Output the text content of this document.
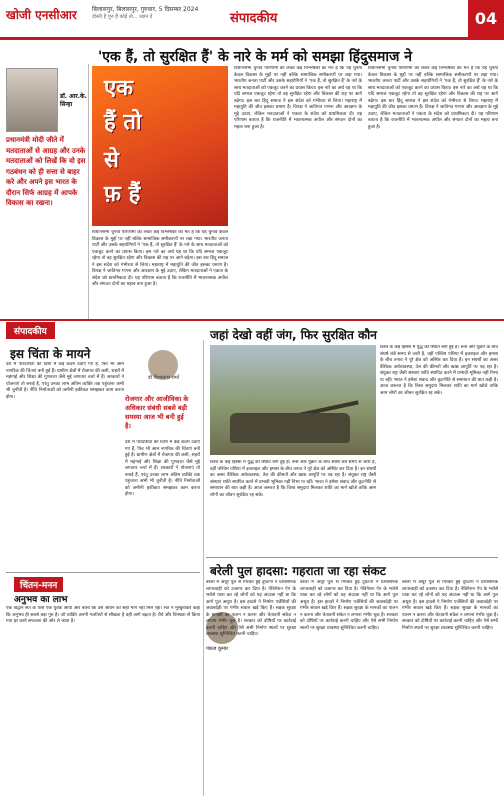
खोजी एनसीआर	बिलासपुर, बिलासपुर, गुरुवार, 5 दिसम्बर 2024
दोस्ती है गुरु हैं कोई तो... ध्यान दे	संपादकीय	04
'एक हैं, तो सुरक्षित हैं' के नारे के मर्म को समझा हिंदुसमाज ने
डॉ. आर.के. सिन्हा
प्रधानमंत्री मोदी जीते में मतदाताओं से आग्रह और उनके मतदाताओं को लिखें कि वो इस गठबंधन को ही सत्ता से बाहर करे और अपने इस भारत के दौरान सिर्फ आग्रह में आपके विकास का रखना।
एक
हैं तो
से
फ़ हैं
विधानसभा चुनाव परिणामों को लेकर कई विश्लेषकों का मत है कि यह चुनाव केवल विकास के मुद्दों पर नहीं बल्कि सामाजिक समीकरणों पर लड़ा गया। भारतीय जनता पार्टी और उसके सहयोगियों ने 'एक हैं, तो सुरक्षित हैं' के नारे के साथ मतदाताओं को एकजुट करने का प्रयास किया। इस नारे का अर्थ यह था कि यदि समाज एकजुट रहेगा तो वह सुरक्षित रहेगा और विकास की राह पर आगे बढ़ेगा। इस बार हिंदू समाज ने इस संदेश को गंभीरता से लिया। महाराष्ट्र में महायुति की जीत इसका प्रमाण है। विपक्ष ने जातिगत गणना और आरक्षण के मुद्दे उठाए, लेकिन मतदाताओं ने एकता के संदेश को प्राथमिकता दी। यह परिणाम बताता है कि राजनीति में भावनात्मक अपील और संगठन दोनों का महत्व बना हुआ है।
विधानसभा चुनाव परिणामों को लेकर कई विश्लेषकों का मत है कि यह चुनाव केवल विकास के मुद्दों पर नहीं बल्कि सामाजिक समीकरणों पर लड़ा गया। भारतीय जनता पार्टी और उसके सहयोगियों ने 'एक हैं, तो सुरक्षित हैं' के नारे के साथ मतदाताओं को एकजुट करने का प्रयास किया। इस नारे का अर्थ यह था कि यदि समाज एकजुट रहेगा तो वह सुरक्षित रहेगा और विकास की राह पर आगे बढ़ेगा। इस बार हिंदू समाज ने इस संदेश को गंभीरता से लिया। महाराष्ट्र में महायुति की जीत इसका प्रमाण है। विपक्ष ने जातिगत गणना और आरक्षण के मुद्दे उठाए, लेकिन मतदाताओं ने एकता के संदेश को प्राथमिकता दी। यह परिणाम बताता है कि राजनीति में भावनात्मक अपील और संगठन दोनों का महत्व बना हुआ है।
विधानसभा चुनाव परिणामों को लेकर कई विश्लेषकों का मत है कि यह चुनाव केवल विकास के मुद्दों पर नहीं बल्कि सामाजिक समीकरणों पर लड़ा गया। भारतीय जनता पार्टी और उसके सहयोगियों ने 'एक हैं, तो सुरक्षित हैं' के नारे के साथ मतदाताओं को एकजुट करने का प्रयास किया। इस नारे का अर्थ यह था कि यदि समाज एकजुट रहेगा तो वह सुरक्षित रहेगा और विकास की राह पर आगे बढ़ेगा। इस बार हिंदू समाज ने इस संदेश को गंभीरता से लिया। महाराष्ट्र में महायुति की जीत इसका प्रमाण है। विपक्ष ने जातिगत गणना और आरक्षण के मुद्दे उठाए, लेकिन मतदाताओं ने एकता के संदेश को प्राथमिकता दी। यह परिणाम बताता है कि राजनीति में भावनात्मक अपील और संगठन दोनों का महत्व बना हुआ है।
संपादकीय
इस चिंता के मायने
डॉ विश्वनाथ शर्मा
रोजगार और आजीविका के अधिकार संबंधी सबसे बड़ी समस्या आज भी बनी हुई है।
देश में पारदर्शिता की दिशा में कई कदम उठाए गए हैं, फिर भी आम नागरिक की चिंताएं बनी हुई हैं। ग्रामीण क्षेत्रों में रोजगार की कमी, शहरों में महंगाई और शिक्षा की गुणवत्ता जैसे मुद्दे लगातार चर्चा में हैं। सरकारों ने योजनाएं तो बनाई हैं, परंतु उनका लाभ अंतिम व्यक्ति तक पहुंचाना अभी भी चुनौती है। नीति निर्माताओं को जमीनी हकीकत समझकर काम करना होगा।
देश में पारदर्शिता की दिशा में कई कदम उठाए गए हैं, फिर भी आम नागरिक की चिंताएं बनी हुई हैं। ग्रामीण क्षेत्रों में रोजगार की कमी, शहरों में महंगाई और शिक्षा की गुणवत्ता जैसे मुद्दे लगातार चर्चा में हैं। सरकारों ने योजनाएं तो बनाई हैं, परंतु उनका लाभ अंतिम व्यक्ति तक पहुंचाना अभी भी चुनौती है। नीति निर्माताओं को जमीनी हकीकत समझकर काम करना होगा।
चिंतन-मनन
अनुभव का लाभ
एक विद्वान संत के पास एक युवक आया और बोला कि उसे जीवन का सही मार्ग नहीं मिल रहा। संत ने मुस्कुराकर कहा कि अनुभव ही सबसे बड़ा गुरु है। जो व्यक्ति अपनी गलतियों से सीखता है वही आगे बढ़ता है। धैर्य और विनम्रता से किया गया हर कार्य सफलता की ओर ले जाता है।
जहां देखो वहीं जंग, फिर सुरक्षित कौन
विश्व के कई हिस्सों में युद्ध की स्थिति बनी हुई है। रूस और यूक्रेन के बीच संघर्ष लंबे समय से जारी है, वहीं पश्चिम एशिया में इजराइल और हमास के बीच तनाव ने पूरे क्षेत्र को अस्थिर कर दिया है। इन संघर्षों का असर वैश्विक अर्थव्यवस्था, तेल की कीमतों और खाद्य आपूर्ति पर पड़ रहा है। संयुक्त राष्ट्र जैसी संस्थाएं शांति स्थापित करने में प्रभावी भूमिका नहीं निभा पा रहीं। भारत ने हमेशा संवाद और कूटनीति से समाधान की बात कही है। आज जरूरत है कि विश्व समुदाय मिलकर शांति का मार्ग खोजे ताकि आम लोगों का जीवन सुरक्षित रह सके।
विश्व के कई हिस्सों में युद्ध की स्थिति बनी हुई है। रूस और यूक्रेन के बीच संघर्ष लंबे समय से जारी है, वहीं पश्चिम एशिया में इजराइल और हमास के बीच तनाव ने पूरे क्षेत्र को अस्थिर कर दिया है। इन संघर्षों का असर वैश्विक अर्थव्यवस्था, तेल की कीमतों और खाद्य आपूर्ति पर पड़ रहा है। संयुक्त राष्ट्र जैसी संस्थाएं शांति स्थापित करने में प्रभावी भूमिका नहीं निभा पा रहीं। भारत ने हमेशा संवाद और कूटनीति से समाधान की बात कही है। आज जरूरत है कि विश्व समुदाय मिलकर शांति का मार्ग खोजे ताकि आम लोगों का जीवन सुरक्षित रह सके।
बरेली पुल हादसा: गहराता जा रहा संकट
पंकज कुमार
बरेली में अधूरे पुल से गिरकर हुई दुर्घटना ने प्रशासनिक लापरवाही को उजागर कर दिया है। नेविगेशन ऐप के भरोसे यात्रा कर रहे लोगों को यह अंदाजा नहीं था कि आगे पुल अधूरा है। इस हादसे ने निर्माण एजेंसियों की जवाबदेही पर गंभीर सवाल खड़े किए हैं। सड़क सुरक्षा के मानकों का पालन न करना और चेतावनी संकेत न लगाना गंभीर चूक है। सरकार को दोषियों पर कार्रवाई करनी चाहिए और ऐसे सभी निर्माण स्थलों पर सुरक्षा व्यवस्था सुनिश्चित करनी चाहिए।
बरेली में अधूरे पुल से गिरकर हुई दुर्घटना ने प्रशासनिक लापरवाही को उजागर कर दिया है। नेविगेशन ऐप के भरोसे यात्रा कर रहे लोगों को यह अंदाजा नहीं था कि आगे पुल अधूरा है। इस हादसे ने निर्माण एजेंसियों की जवाबदेही पर गंभीर सवाल खड़े किए हैं। सड़क सुरक्षा के मानकों का पालन न करना और चेतावनी संकेत न लगाना गंभीर चूक है। सरकार को दोषियों पर कार्रवाई करनी चाहिए और ऐसे सभी निर्माण स्थलों पर सुरक्षा व्यवस्था सुनिश्चित करनी चाहिए।
बरेली में अधूरे पुल से गिरकर हुई दुर्घटना ने प्रशासनिक लापरवाही को उजागर कर दिया है। नेविगेशन ऐप के भरोसे यात्रा कर रहे लोगों को यह अंदाजा नहीं था कि आगे पुल अधूरा है। इस हादसे ने निर्माण एजेंसियों की जवाबदेही पर गंभीर सवाल खड़े किए हैं। सड़क सुरक्षा के मानकों का पालन न करना और चेतावनी संकेत न लगाना गंभीर चूक है। सरकार को दोषियों पर कार्रवाई करनी चाहिए और ऐसे सभी निर्माण स्थलों पर सुरक्षा व्यवस्था सुनिश्चित करनी चाहिए।
